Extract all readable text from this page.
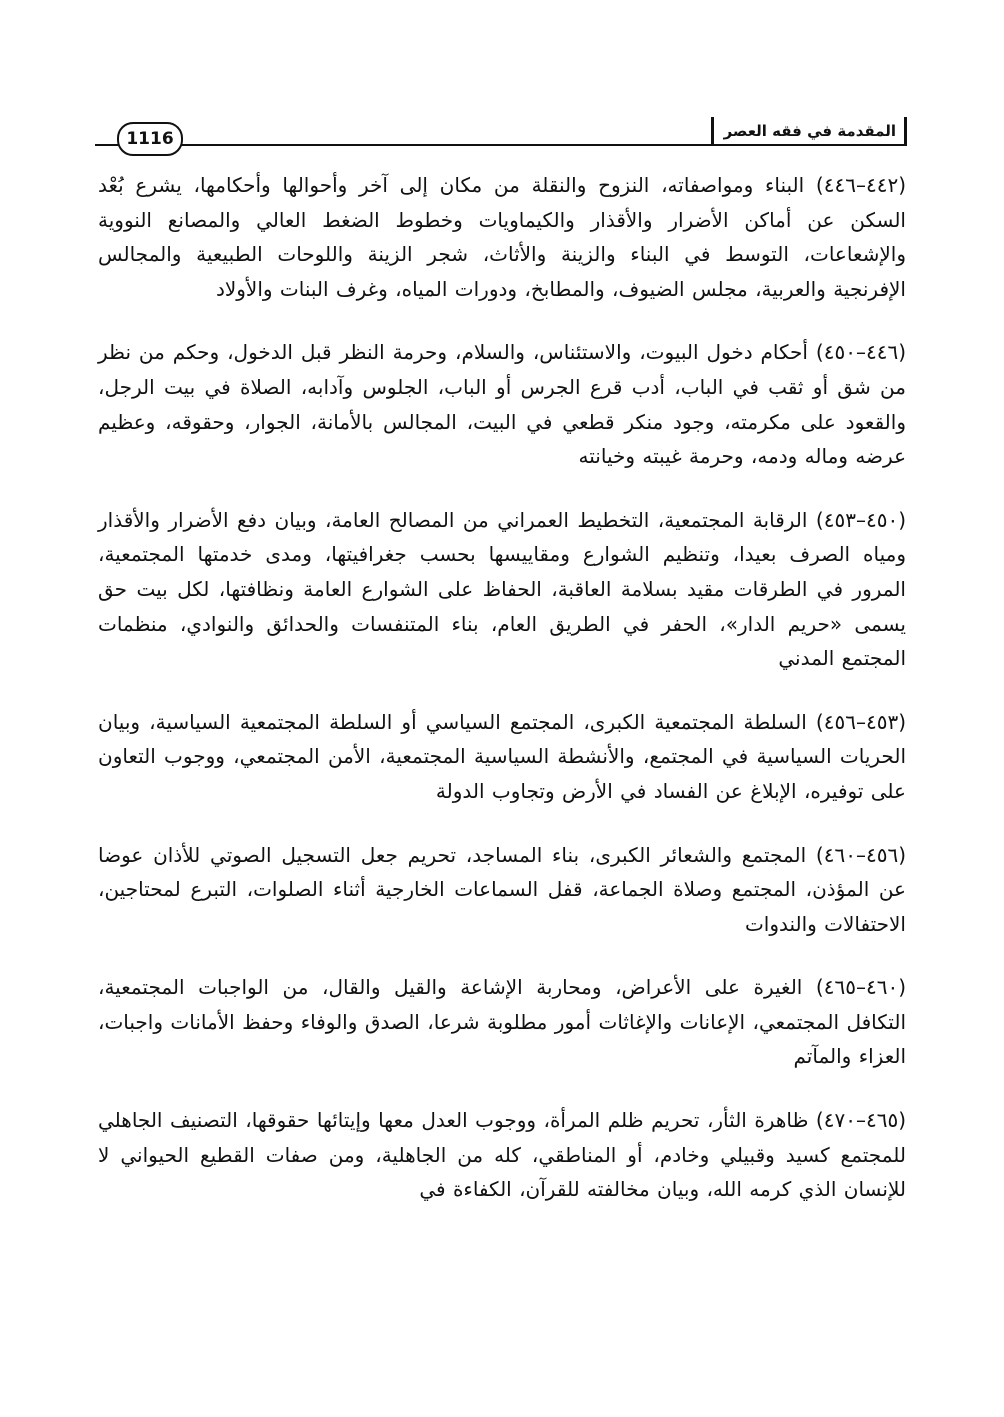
المقدمة في فقه العصر
1116

(٤٤٢–٤٤٦) البناء ومواصفاته، النزوح والنقلة من مكان إلى آخر وأحوالها وأحكامها، يشرع بُعْد السكن عن أماكن الأضرار والأقذار والكيماويات وخطوط الضغط العالي والمصانع النووية والإشعاعات، التوسط في البناء والزينة والأثاث، شجر الزينة واللوحات الطبيعية والمجالس الإفرنجية والعربية، مجلس الضيوف، والمطابخ، ودورات المياه، وغرف البنات والأولاد

(٤٤٦–٤٥٠) أحكام دخول البيوت، والاستئناس، والسلام، وحرمة النظر قبل الدخول، وحكم من نظر من شق أو ثقب في الباب، أدب قرع الجرس أو الباب، الجلوس وآدابه، الصلاة في بيت الرجل، والقعود على مكرمته، وجود منكر قطعي في البيت، المجالس بالأمانة، الجوار، وحقوقه، وعظيم عرضه وماله ودمه، وحرمة غيبته وخيانته

(٤٥٠–٤٥٣) الرقابة المجتمعية، التخطيط العمراني من المصالح العامة، وبيان دفع الأضرار والأقذار ومياه الصرف بعيدا، وتنظيم الشوارع ومقاييسها بحسب جغرافيتها، ومدى خدمتها المجتمعية، المرور في الطرقات مقيد بسلامة العاقبة، الحفاظ على الشوارع العامة ونظافتها، لكل بيت حق يسمى «حريم الدار»، الحفر في الطريق العام، بناء المتنفسات والحدائق والنوادي، منظمات المجتمع المدني

(٤٥٣–٤٥٦) السلطة المجتمعية الكبرى، المجتمع السياسي أو السلطة المجتمعية السياسية، وبيان الحريات السياسية في المجتمع، والأنشطة السياسية المجتمعية، الأمن المجتمعي، ووجوب التعاون على توفيره، الإبلاغ عن الفساد في الأرض وتجاوب الدولة

(٤٥٦–٤٦٠) المجتمع والشعائر الكبرى، بناء المساجد، تحريم جعل التسجيل الصوتي للأذان عوضا عن المؤذن، المجتمع وصلاة الجماعة، قفل السماعات الخارجية أثناء الصلوات، التبرع لمحتاجين، الاحتفالات والندوات

(٤٦٠–٤٦٥) الغيرة على الأعراض، ومحاربة الإشاعة والقيل والقال، من الواجبات المجتمعية، التكافل المجتمعي، الإعانات والإغاثات أمور مطلوبة شرعا، الصدق والوفاء وحفظ الأمانات واجبات، العزاء والمآتم

(٤٦٥–٤٧٠) ظاهرة الثأر، تحريم ظلم المرأة، ووجوب العدل معها وإيتائها حقوقها، التصنيف الجاهلي للمجتمع كسيد وقبيلي وخادم، أو المناطقي، كله من الجاهلية، ومن صفات القطيع الحيواني لا للإنسان الذي كرمه الله، وبيان مخالفته للقرآن، الكفاءة في
